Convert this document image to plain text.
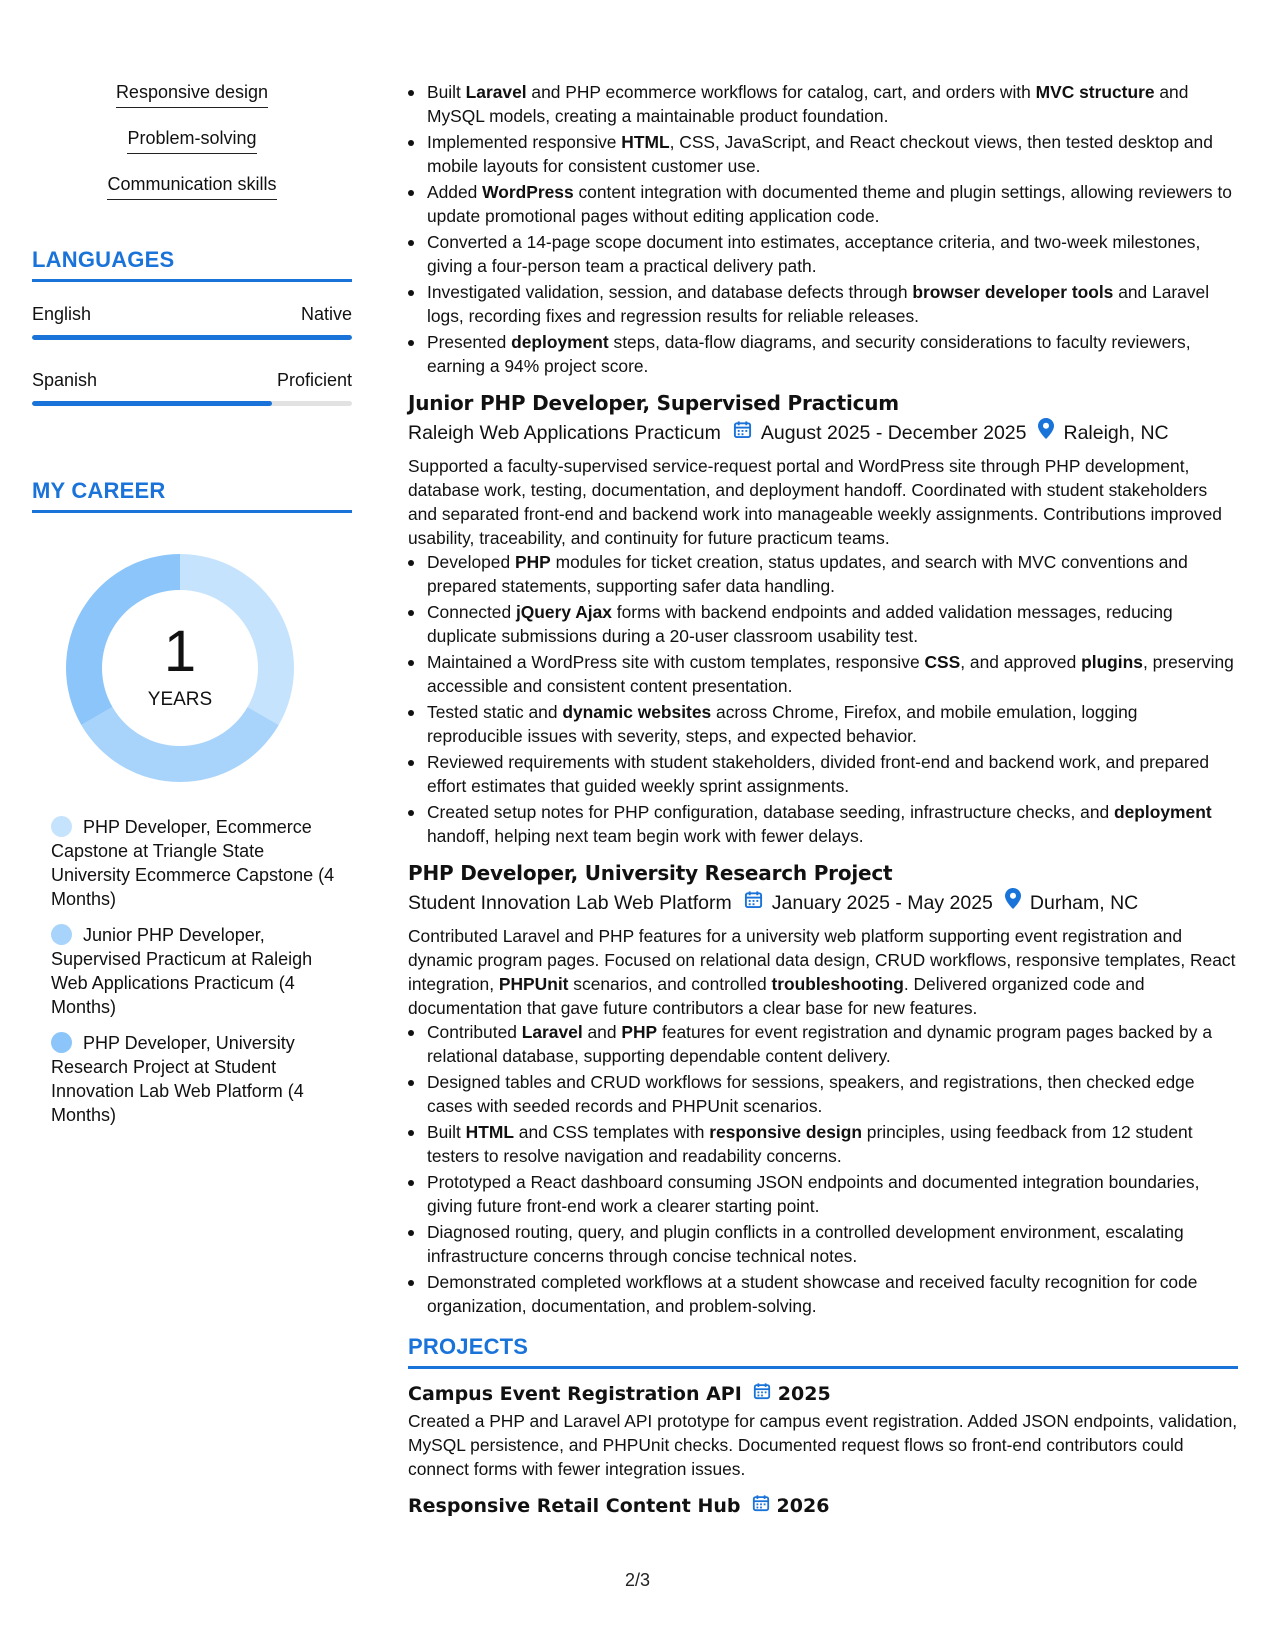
Responsive design
Problem-solving
Communication skills
LANGUAGES
English	Native
Spanish	Proficient
MY CAREER
1
YEARS
PHP Developer, Ecommerce Capstone at Triangle State University Ecommerce Capstone (4 Months)
Junior PHP Developer, Supervised Practicum at Raleigh Web Applications Practicum (4 Months)
PHP Developer, University Research Project at Student Innovation Lab Web Platform (4 Months)
Built Laravel and PHP ecommerce workflows for catalog, cart, and orders with MVC structure and MySQL models, creating a maintainable product foundation.
Implemented responsive HTML, CSS, JavaScript, and React checkout views, then tested desktop and mobile layouts for consistent customer use.
Added WordPress content integration with documented theme and plugin settings, allowing reviewers to update promotional pages without editing application code.
Converted a 14-page scope document into estimates, acceptance criteria, and two-week milestones, giving a four-person team a practical delivery path.
Investigated validation, session, and database defects through browser developer tools and Laravel logs, recording fixes and regression results for reliable releases.
Presented deployment steps, data-flow diagrams, and security considerations to faculty reviewers, earning a 94% project score.
Junior PHP Developer, Supervised Practicum
Raleigh Web Applications Practicum August 2025 - December 2025 Raleigh, NC
Supported a faculty-supervised service-request portal and WordPress site through PHP development, database work, testing, documentation, and deployment handoff. Coordinated with student stakeholders and separated front-end and backend work into manageable weekly assignments. Contributions improved usability, traceability, and continuity for future practicum teams.
Developed PHP modules for ticket creation, status updates, and search with MVC conventions and prepared statements, supporting safer data handling.
Connected jQuery Ajax forms with backend endpoints and added validation messages, reducing duplicate submissions during a 20-user classroom usability test.
Maintained a WordPress site with custom templates, responsive CSS, and approved plugins, preserving accessible and consistent content presentation.
Tested static and dynamic websites across Chrome, Firefox, and mobile emulation, logging reproducible issues with severity, steps, and expected behavior.
Reviewed requirements with student stakeholders, divided front-end and backend work, and prepared effort estimates that guided weekly sprint assignments.
Created setup notes for PHP configuration, database seeding, infrastructure checks, and deployment handoff, helping next team begin work with fewer delays.
PHP Developer, University Research Project
Student Innovation Lab Web Platform January 2025 - May 2025 Durham, NC
Contributed Laravel and PHP features for a university web platform supporting event registration and dynamic program pages. Focused on relational data design, CRUD workflows, responsive templates, React integration, PHPUnit scenarios, and controlled troubleshooting. Delivered organized code and documentation that gave future contributors a clear base for new features.
Contributed Laravel and PHP features for event registration and dynamic program pages backed by a relational database, supporting dependable content delivery.
Designed tables and CRUD workflows for sessions, speakers, and registrations, then checked edge cases with seeded records and PHPUnit scenarios.
Built HTML and CSS templates with responsive design principles, using feedback from 12 student testers to resolve navigation and readability concerns.
Prototyped a React dashboard consuming JSON endpoints and documented integration boundaries, giving future front-end work a clearer starting point.
Diagnosed routing, query, and plugin conflicts in a controlled development environment, escalating infrastructure concerns through concise technical notes.
Demonstrated completed workflows at a student showcase and received faculty recognition for code organization, documentation, and problem-solving.
PROJECTS
Campus Event Registration API 2025
Created a PHP and Laravel API prototype for campus event registration. Added JSON endpoints, validation, MySQL persistence, and PHPUnit checks. Documented request flows so front-end contributors could connect forms with fewer integration issues.
Responsive Retail Content Hub 2026
2/3
